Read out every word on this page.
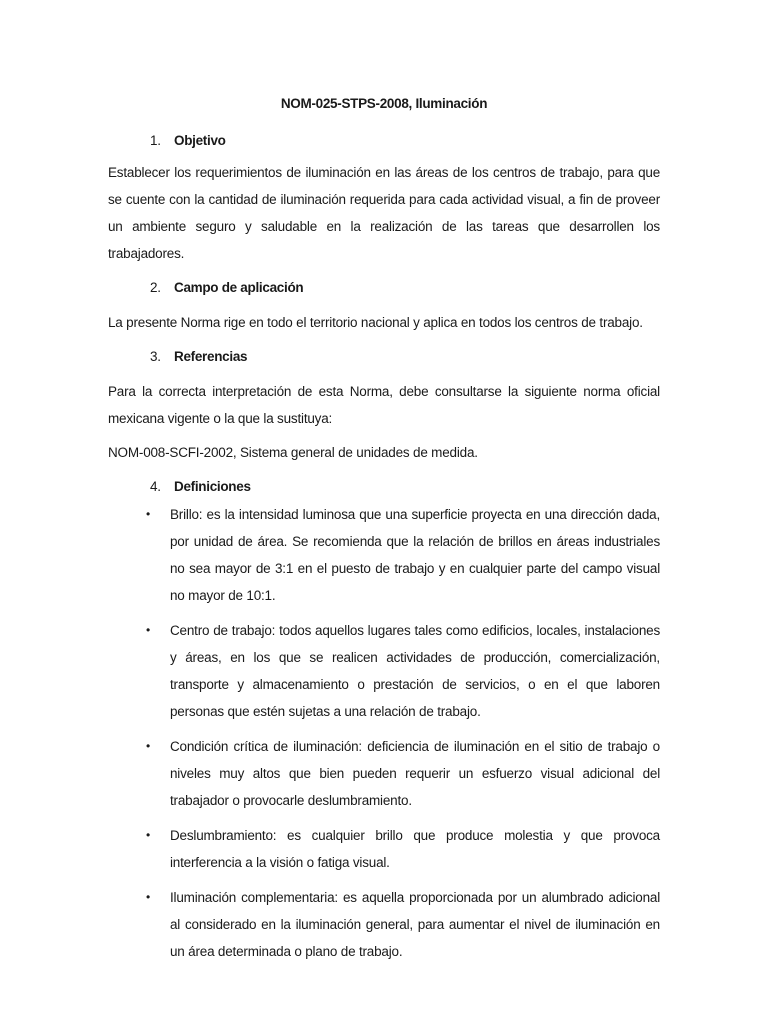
NOM-025-STPS-2008, Iluminación
1. Objetivo

Establecer los requerimientos de iluminación en las áreas de los centros de trabajo, para que se cuente con la cantidad de iluminación requerida para cada actividad visual, a fin de proveer un ambiente seguro y saludable en la realización de las tareas que desarrollen los trabajadores.

2. Campo de aplicación

La presente Norma rige en todo el territorio nacional y aplica en todos los centros de trabajo.

3. Referencias

Para la correcta interpretación de esta Norma, debe consultarse la siguiente norma oficial mexicana vigente o la que la sustituya:

NOM-008-SCFI-2002, Sistema general de unidades de medida.

4. Definiciones
• Brillo: es la intensidad luminosa que una superficie proyecta en una dirección dada, por unidad de área. Se recomienda que la relación de brillos en áreas industriales no sea mayor de 3:1 en el puesto de trabajo y en cualquier parte del campo visual no mayor de 10:1.
• Centro de trabajo: todos aquellos lugares tales como edificios, locales, instalaciones y áreas, en los que se realicen actividades de producción, comercialización, transporte y almacenamiento o prestación de servicios, o en el que laboren personas que estén sujetas a una relación de trabajo.
• Condición crítica de iluminación: deficiencia de iluminación en el sitio de trabajo o niveles muy altos que bien pueden requerir un esfuerzo visual adicional del trabajador o provocarle deslumbramiento.
• Deslumbramiento: es cualquier brillo que produce molestia y que provoca interferencia a la visión o fatiga visual.
• Iluminación complementaria: es aquella proporcionada por un alumbrado adicional al considerado en la iluminación general, para aumentar el nivel de iluminación en un área determinada o plano de trabajo.
